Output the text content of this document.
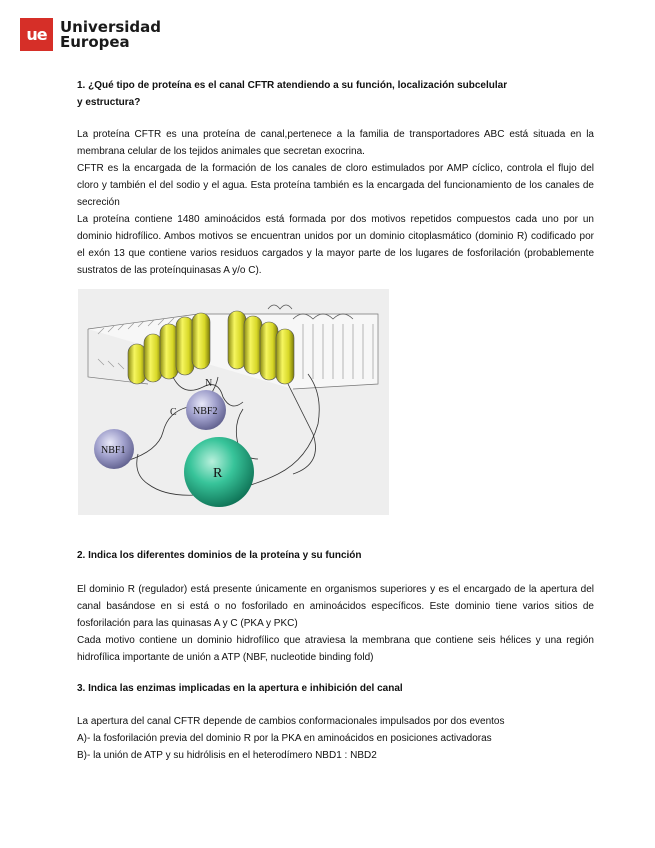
ue Universidad
Europea
1. ¿Qué tipo de proteína es el canal CFTR atendiendo a su función, localización subcelular
y estructura?

La proteína CFTR es una proteína de canal,pertenece a la familia de transportadores ABC está situada en la membrana celular de los tejidos animales que secretan exocrina.

CFTR es la encargada de la formación de los canales de cloro estimulados por AMP cíclico, controla el flujo del cloro y también el del sodio y el agua. Esta proteína también es la encargada del funcionamiento de los canales de secreción

La proteína contiene 1480 aminoácidos está formada por dos motivos repetidos compuestos cada uno por un dominio hidrofílico. Ambos motivos se encuentran unidos por un dominio citoplasmático (dominio R) codificado por el exón 13 que contiene varios residuos cargados y la mayor parte de los lugares de fosforilación (probablemente sustratos de las proteínquinasas A y/o C).

N
C NBF2
NBF1
R
2. Indica los diferentes dominios de la proteína y su función

El dominio R (regulador) está presente únicamente en organismos superiores y es el encargado de la apertura del canal basándose en si está o no fosforilado en aminoácidos específicos. Este dominio tiene varios sitios de fosforilación para las quinasas A y C (PKA y PKC)

Cada motivo contiene un dominio hidrofílico que atraviesa la membrana que contiene seis hélices y una región hidrofílica importante de unión a ATP (NBF, nucleotide binding fold)

3. Indica las enzimas implicadas en la apertura e inhibición del canal

La apertura del canal CFTR depende de cambios conformacionales impulsados por dos eventos

A)- la fosforilación previa del dominio R por la PKA en aminoácidos en posiciones activadoras

B)- la unión de ATP y su hidrólisis en el heterodímero NBD1 : NBD2
